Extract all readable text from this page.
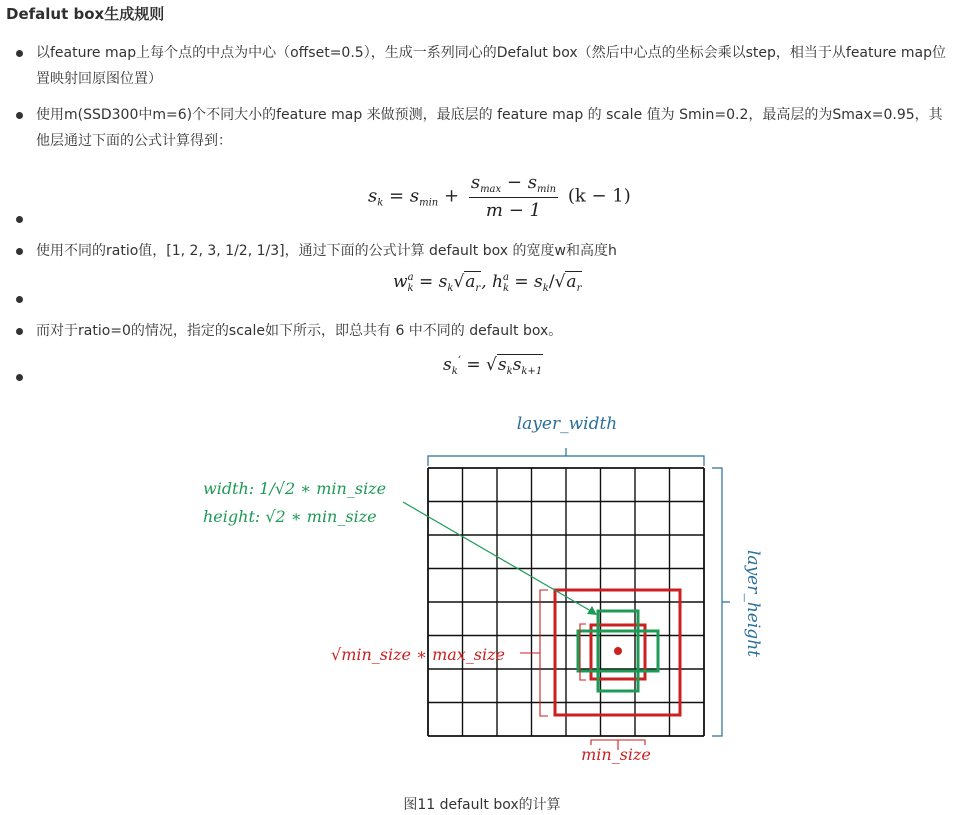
Defalut box生成规则
以feature map上每个点的中点为中心（offset=0.5），生成一系列同心的Defalut box（然后中心点的坐标会乘以step，相当于从feature map位置映射回原图位置）
使用m(SSD300中m=6)个不同大小的feature map 来做预测，最底层的 feature map 的 scale 值为 Smin=0.2，最高层的为Smax=0.95，其他层通过下面的公式计算得到：
使用不同的ratio值，[1, 2, 3, 1/2, 1/3]，通过下面的公式计算 default box 的宽度w和高度h
而对于ratio=0的情况，指定的scale如下所示，即总共有 6 中不同的 default box。
$s_k = s_{min} + \frac{s_{max} - s_{min}}{m - 1} (k - 1)$
$w^a_k = s_k√a_r$, $h^a_k = s_k/√a_r$
$s_k^‘ = √s_ks_{k+1}$
layer_width
layer_height
width: 1/√2 ∗ min_size
height: √2 ∗ min_size
√min_size ∗ max_size
min_size
图11 default box的计算
